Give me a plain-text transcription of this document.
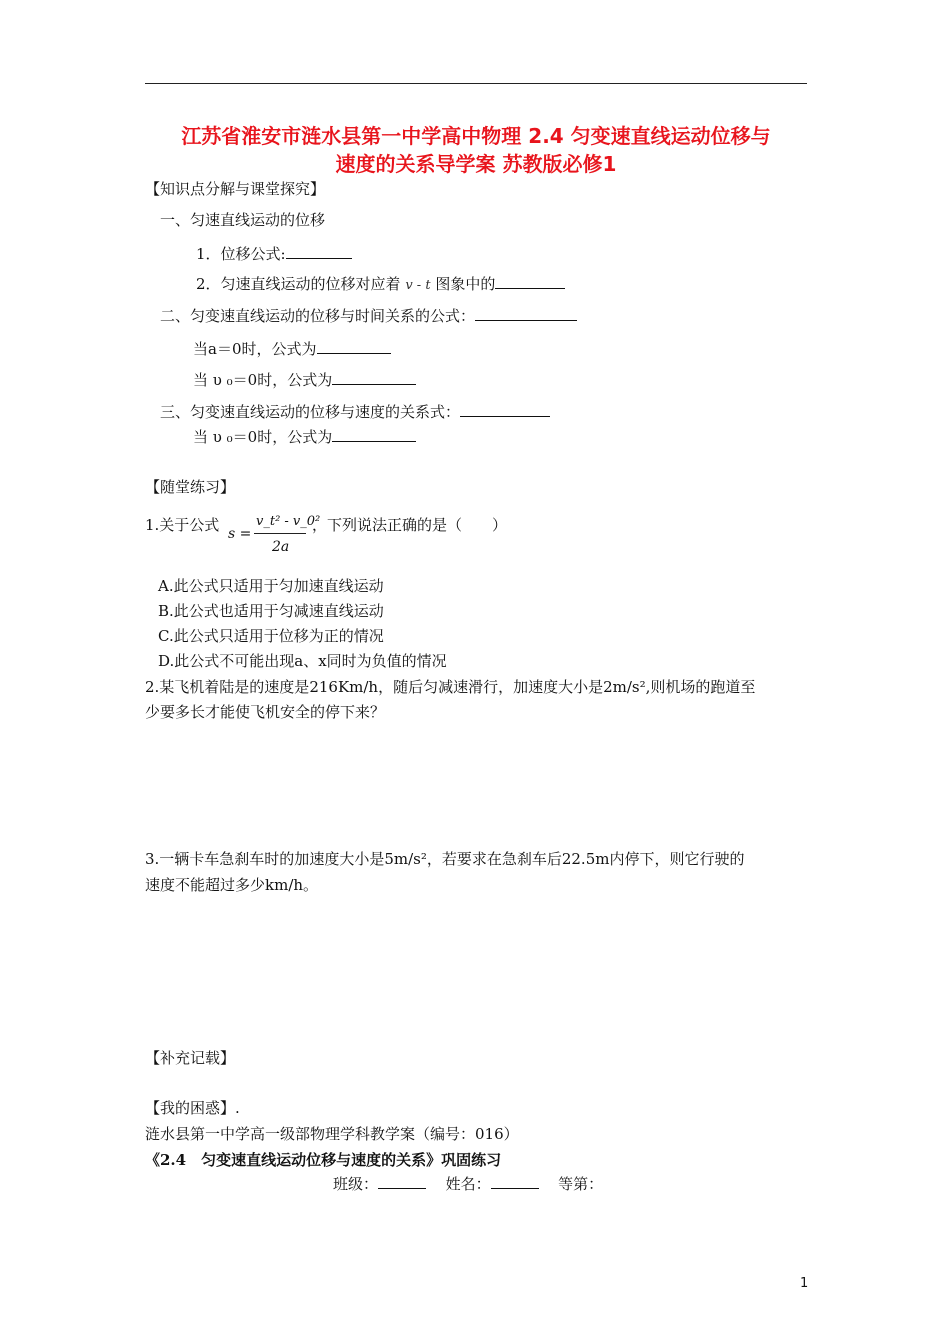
江苏省淮安市涟水县第一中学高中物理 2.4 匀变速直线运动位移与
速度的关系导学案 苏教版必修1
【知识点分解与课堂探究】
一、匀速直线运动的位移
1．位移公式:
2．匀速直线运动的位移对应着 v - t 图象中的
二、匀变速直线运动的位移与时间关系的公式：
当a＝0时，公式为
当 υ ₀＝0时，公式为
三、匀变速直线运动的位移与速度的关系式：
当 υ ₀＝0时，公式为
【随堂练习】
1.关于公式 s =
v_t² - v_0²
2a
，下列说法正确的是（　　）
A.此公式只适用于匀加速直线运动
B.此公式也适用于匀减速直线运动
C.此公式只适用于位移为正的情况
D.此公式不可能出现a、x同时为负值的情况
2.某飞机着陆是的速度是216Km/h，随后匀减速滑行，加速度大小是2m/s²,则机场的跑道至
少要多长才能使飞机安全的停下来？
3.一辆卡车急刹车时的加速度大小是5m/s²，若要求在急刹车后22.5m内停下，则它行驶的
速度不能超过多少km/h。
【补充记载】
【我的困惑】.
涟水县第一中学高一级部物理学科教学案（编号：016）
《2.4　匀变速直线运动位移与速度的关系》巩固练习
班级：	姓名：	等第：
1
